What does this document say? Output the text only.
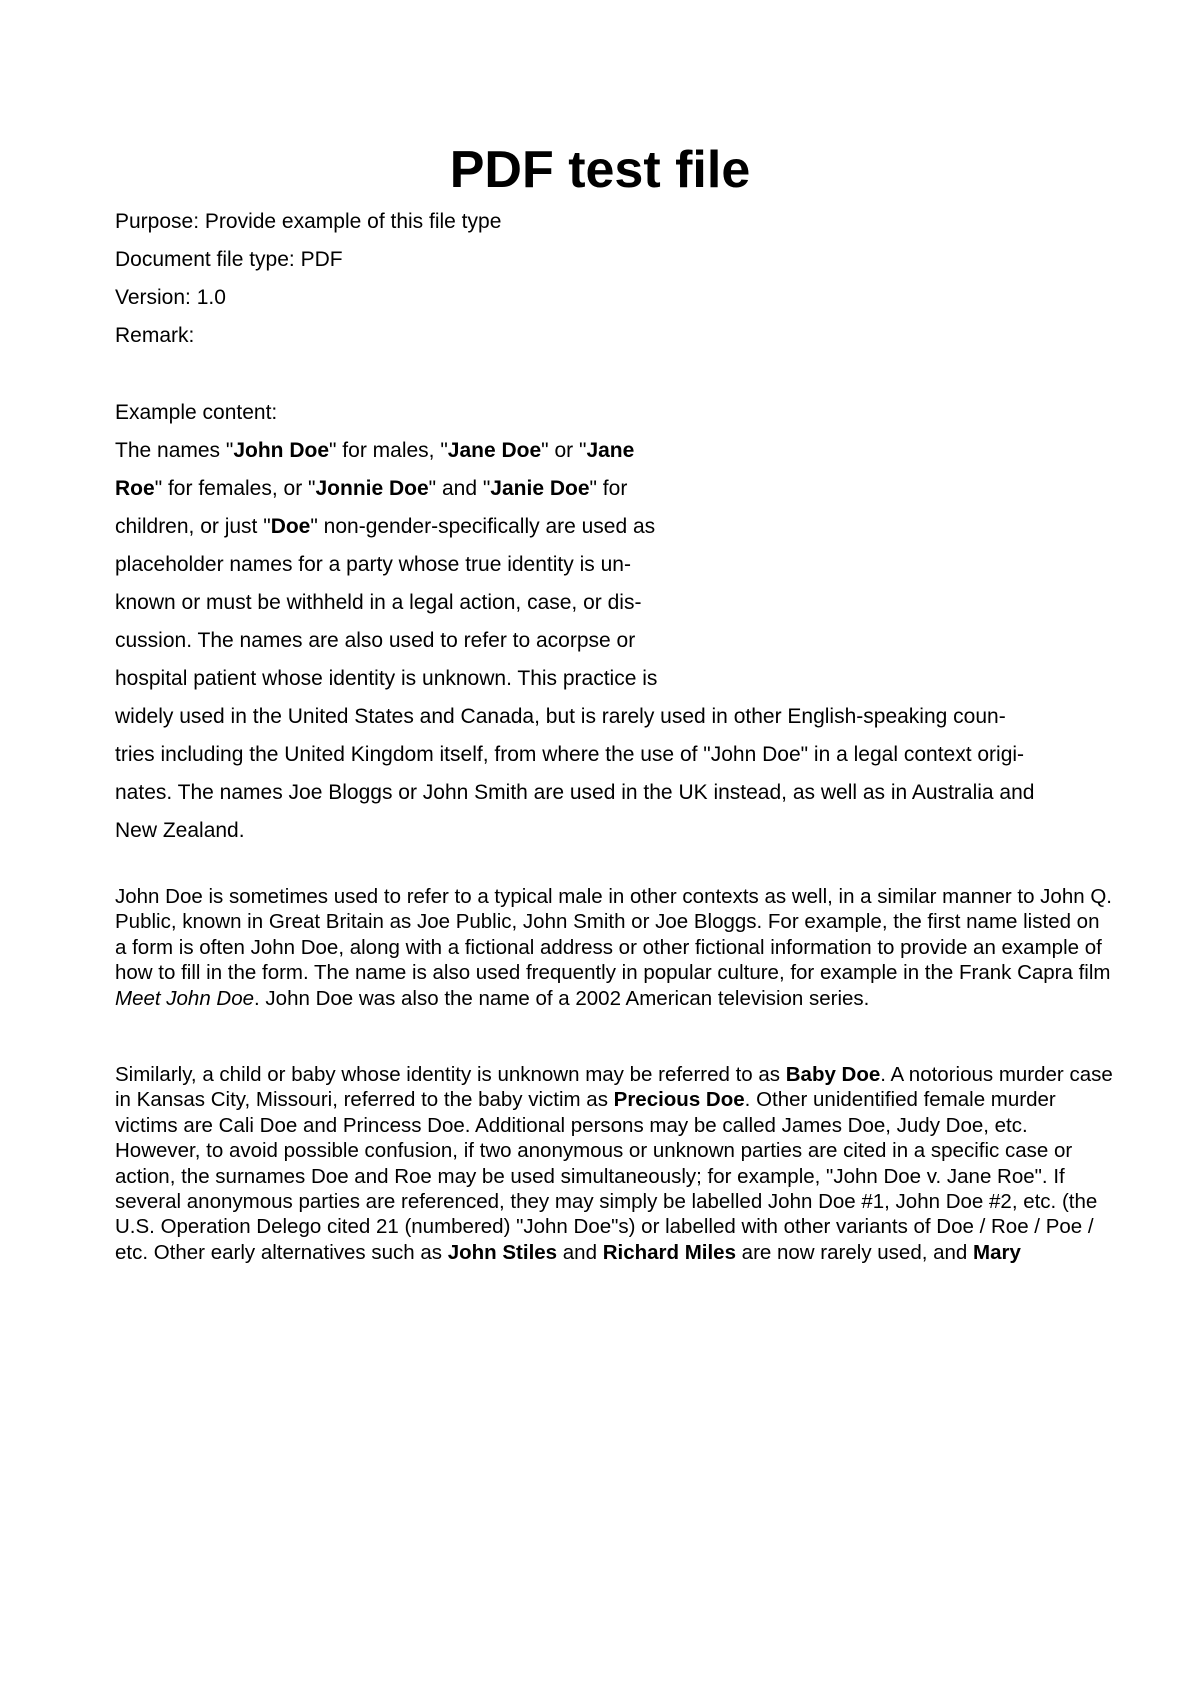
PDF test file

Purpose: Provide example of this file type

Document file type: PDF

Version: 1.0

Remark:

Example content:

The names "John Doe" for males, "Jane Doe" or "Jane

Roe" for females, or "Jonnie Doe" and "Janie Doe" for

children, or just "Doe" non-gender-specifically are used as

placeholder names for a party whose true identity is un-

known or must be withheld in a legal action, case, or dis-

cussion. The names are also used to refer to acorpse or

hospital patient whose identity is unknown. This practice is

widely used in the United States and Canada, but is rarely used in other English-speaking coun-

tries including the United Kingdom itself, from where the use of "John Doe" in a legal context origi-

nates. The names Joe Bloggs or John Smith are used in the UK instead, as well as in Australia and

New Zealand.

John Doe is sometimes used to refer to a typical male in other contexts as well, in a similar manner to John Q. Public, known in Great Britain as Joe Public, John Smith or Joe Bloggs. For example, the first name listed on a form is often John Doe, along with a fictional address or other fictional information to provide an example of how to fill in the form. The name is also used frequently in popular culture, for example in the Frank Capra film Meet John Doe. John Doe was also the name of a 2002 American television series.

Similarly, a child or baby whose identity is unknown may be referred to as Baby Doe. A notorious murder case in Kansas City, Missouri, referred to the baby victim as Precious Doe. Other unidentified female murder victims are Cali Doe and Princess Doe. Additional persons may be called James Doe, Judy Doe, etc. However, to avoid possible confusion, if two anonymous or unknown parties are cited in a specific case or action, the surnames Doe and Roe may be used simultaneously; for example, "John Doe v. Jane Roe". If several anonymous parties are referenced, they may simply be labelled John Doe #1, John Doe #2, etc. (the U.S. Operation Delego cited 21 (numbered) "John Doe"s) or labelled with other variants of Doe / Roe / Poe / etc. Other early alternatives such as John Stiles and Richard Miles are now rarely used, and Mary
